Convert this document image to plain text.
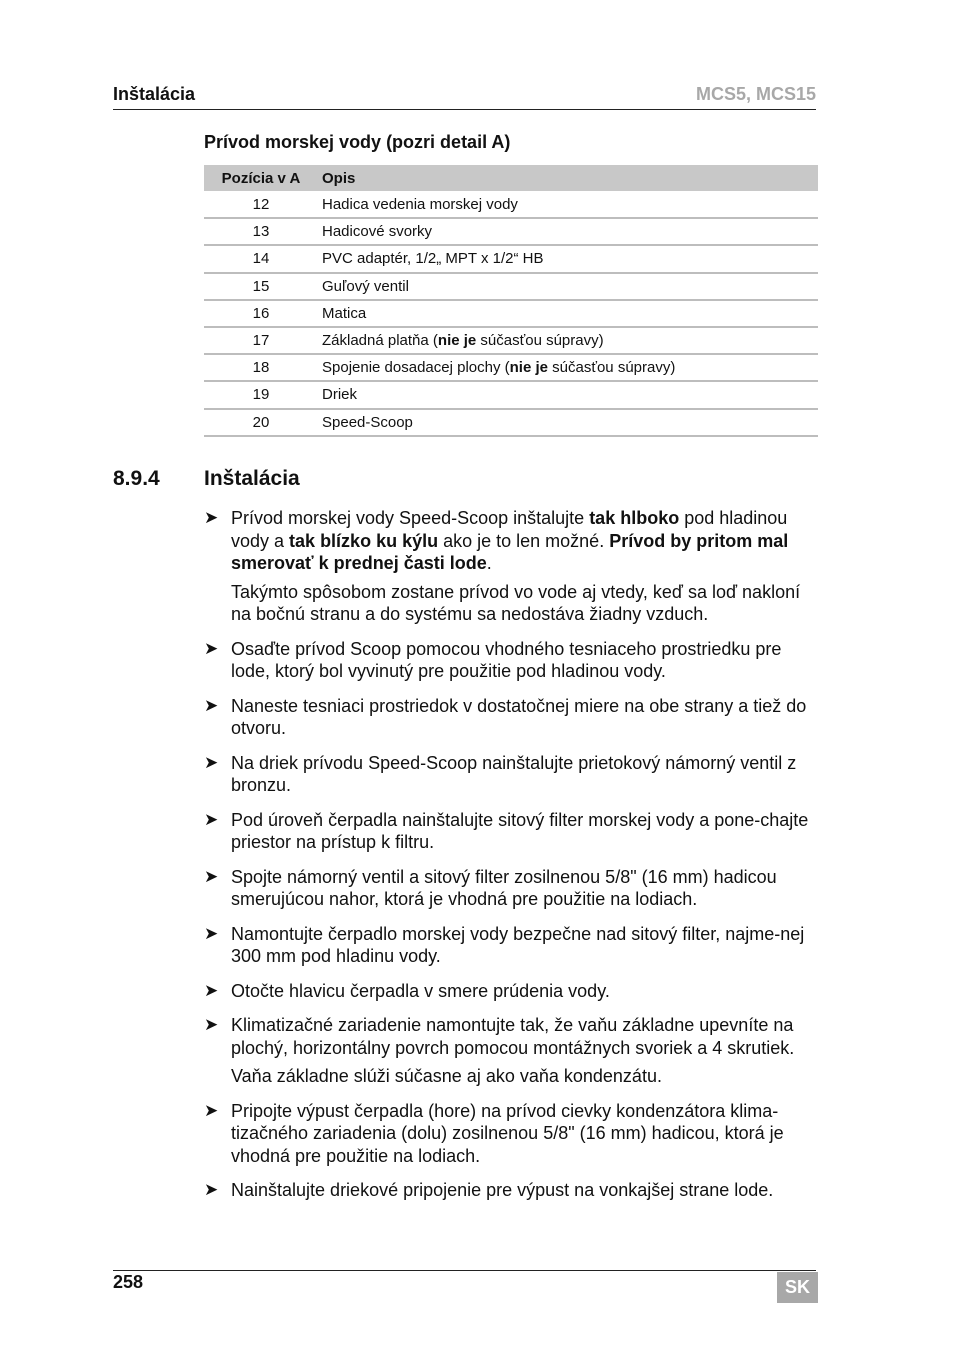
Inštalácia	MCS5, MCS15
Prívod morskej vody (pozri detail A)
Pozícia v A	Opis
12	Hadica vedenia morskej vody
13	Hadicové svorky
14	PVC adaptér, 1/2„ MPT x 1/2“ HB
15	Guľový ventil
16	Matica
17	Základná platňa (nie je súčasťou súpravy)
18	Spojenie dosadacej plochy (nie je súčasťou súpravy)
19	Driek
20	Speed-Scoop
8.9.4 Inštalácia
➤ Prívod morskej vody Speed-Scoop inštalujte tak hlboko pod hladinou vody a tak blízko ku kýlu ako je to len možné. Prívod by pritom mal smerovať k prednej časti lode.
Takýmto spôsobom zostane prívod vo vode aj vtedy, keď sa loď nakloní na bočnú stranu a do systému sa nedostáva žiadny vzduch.
➤ Osaďte prívod Scoop pomocou vhodného tesniaceho prostriedku pre lode, ktorý bol vyvinutý pre použitie pod hladinou vody.
➤ Naneste tesniaci prostriedok v dostatočnej miere na obe strany a tiež do otvoru.
➤ Na driek prívodu Speed-Scoop nainštalujte prietokový námorný ventil z bronzu.
➤ Pod úroveň čerpadla nainštalujte sitový filter morskej vody a pone-chajte priestor na prístup k filtru.
➤ Spojte námorný ventil a sitový filter zosilnenou 5/8" (16 mm) hadicou smerujúcou nahor, ktorá je vhodná pre použitie na lodiach.
➤ Namontujte čerpadlo morskej vody bezpečne nad sitový filter, najme-nej 300 mm pod hladinu vody.
➤ Otočte hlavicu čerpadla v smere prúdenia vody.
➤ Klimatizačné zariadenie namontujte tak, že vaňu základne upevníte na plochý, horizontálny povrch pomocou montážnych svoriek a 4 skrutiek.
Vaňa základne slúži súčasne aj ako vaňa kondenzátu.
➤ Pripojte výpust čerpadla (hore) na prívod cievky kondenzátora klima-tizačného zariadenia (dolu) zosilnenou 5/8" (16 mm) hadicou, ktorá je vhodná pre použitie na lodiach.
➤ Nainštalujte driekové pripojenie pre výpust na vonkajšej strane lode.
258	SK
